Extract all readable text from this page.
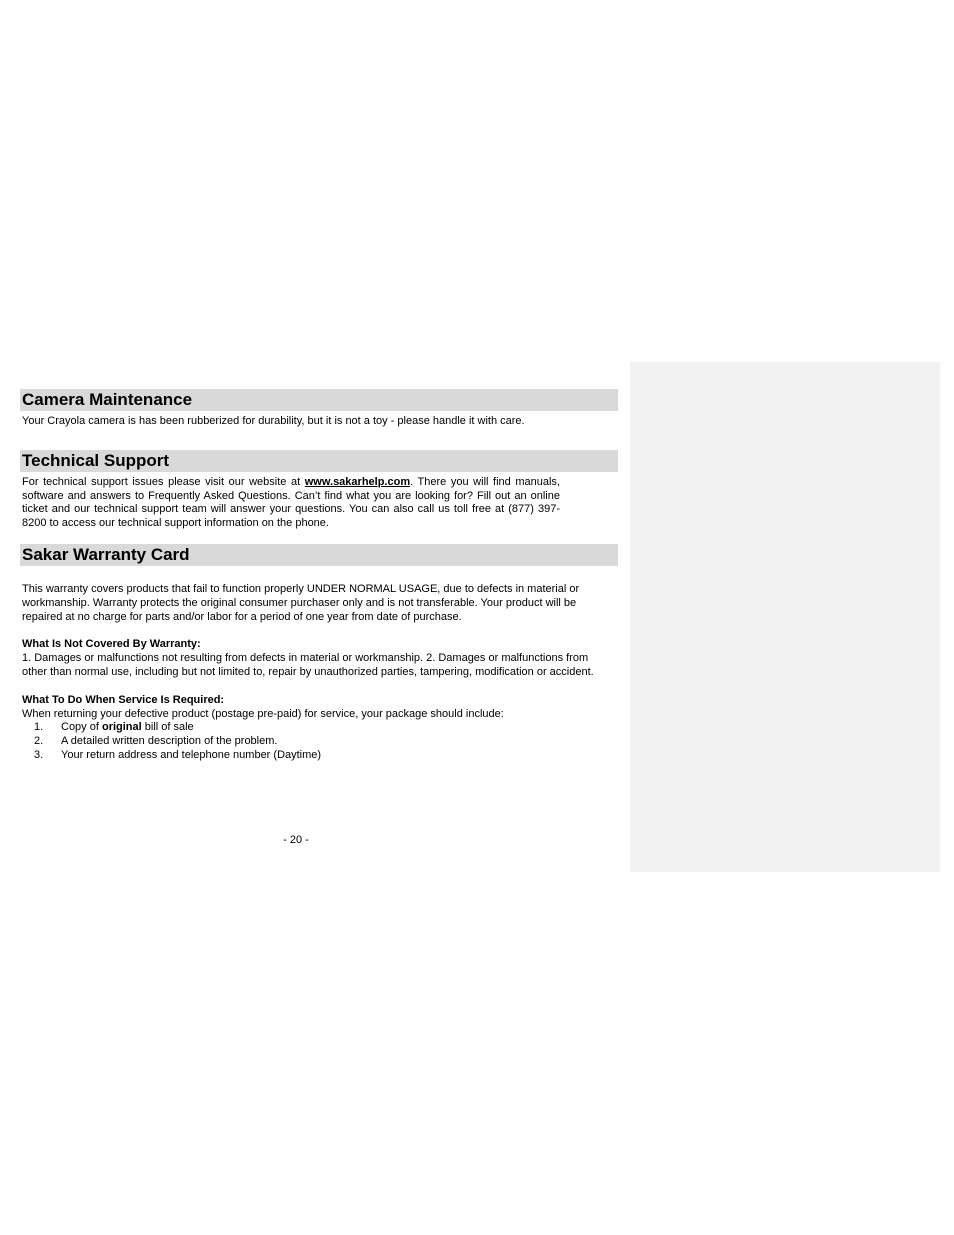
Camera Maintenance

Your Crayola camera is has been rubberized for durability, but it is not a toy - please handle it with care.

Technical Support

For technical support issues please visit our website at www.sakarhelp.com. There you will find manuals, software and answers to Frequently Asked Questions. Can’t find what you are looking for? Fill out an online ticket and our technical support team will answer your questions. You can also call us toll free at (877) 397-8200 to access our technical support information on the phone.

Sakar Warranty Card

This warranty covers products that fail to function properly UNDER NORMAL USAGE, due to defects in material or workmanship. Warranty protects the original consumer purchaser only and is not transferable. Your product will be repaired at no charge for parts and/or labor for a period of one year from date of purchase.

What Is Not Covered By Warranty:

1. Damages or malfunctions not resulting from defects in material or workmanship. 2. Damages or malfunctions from other than normal use, including but not limited to, repair by unauthorized parties, tampering, modification or accident.

What To Do When Service Is Required:

When returning your defective product (postage pre-paid) for service, your package should include:

1.	Copy of original bill of sale
2.	A detailed written description of the problem.
3.	Your return address and telephone number (Daytime)
- 20 -
